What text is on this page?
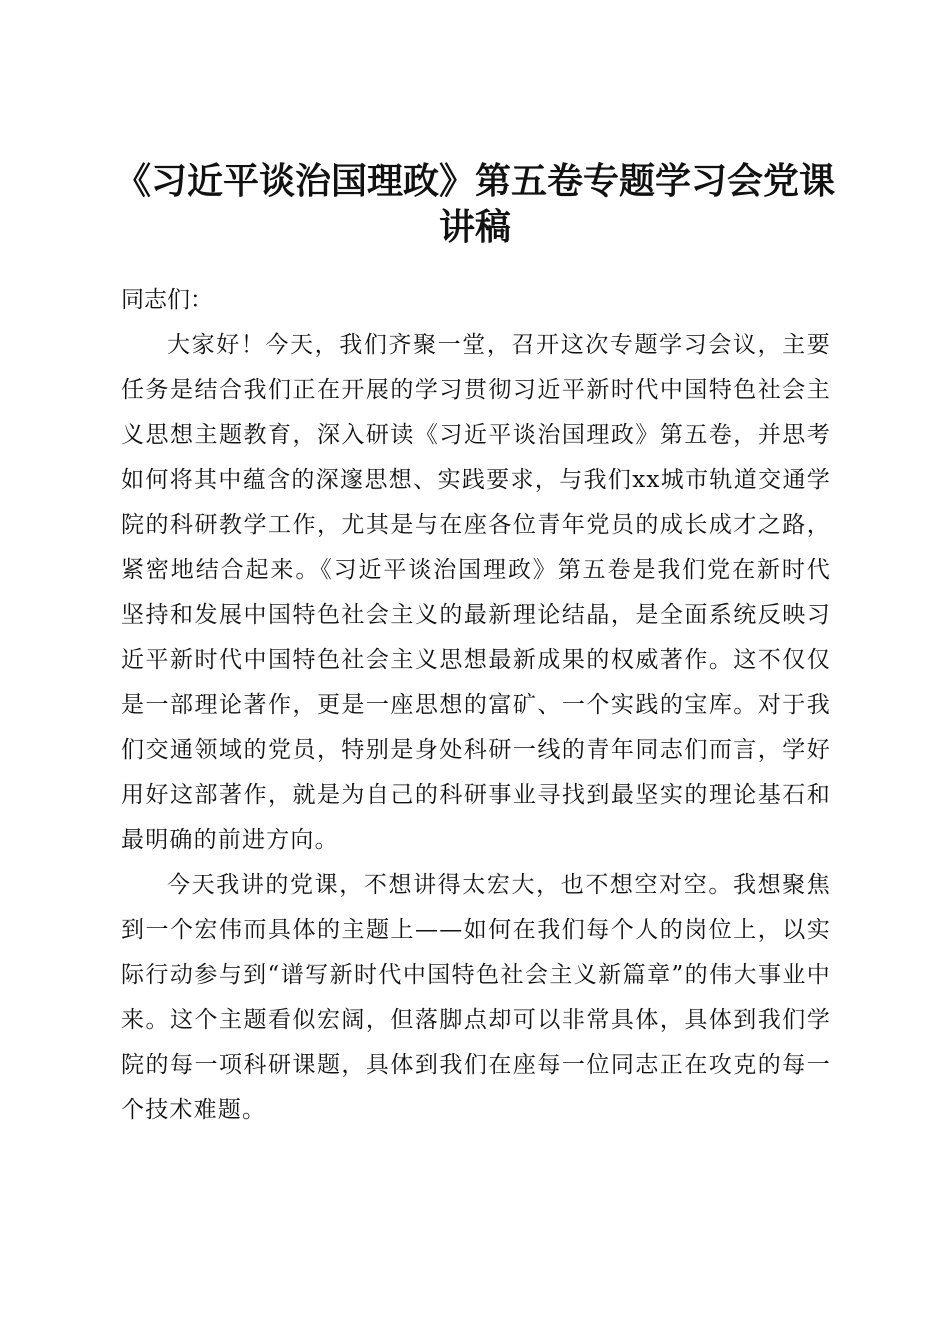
《习近平谈治国理政》第五卷专题学习会党课
讲稿

同志们：

大家好！今天，我们齐聚一堂，召开这次专题学习会议，主要任务是结合我们正在开展的学习贯彻习近平新时代中国特色社会主义思想主题教育，深入研读《习近平谈治国理政》第五卷，并思考如何将其中蕴含的深邃思想、实践要求，与我们xx城市轨道交通学院的科研教学工作，尤其是与在座各位青年党员的成长成才之路，紧密地结合起来。《习近平谈治国理政》第五卷是我们党在新时代坚持和发展中国特色社会主义的最新理论结晶，是全面系统反映习近平新时代中国特色社会主义思想最新成果的权威著作。这不仅仅是一部理论著作，更是一座思想的富矿、一个实践的宝库。对于我们交通领域的党员，特别是身处科研一线的青年同志们而言，学好用好这部著作，就是为自己的科研事业寻找到最坚实的理论基石和最明确的前进方向。

今天我讲的党课，不想讲得太宏大，也不想空对空。我想聚焦到一个宏伟而具体的主题上——如何在我们每个人的岗位上，以实际行动参与到“谱写新时代中国特色社会主义新篇章”的伟大事业中来。这个主题看似宏阔，但落脚点却可以非常具体，具体到我们学院的每一项科研课题，具体到我们在座每一位同志正在攻克的每一个技术难题。
